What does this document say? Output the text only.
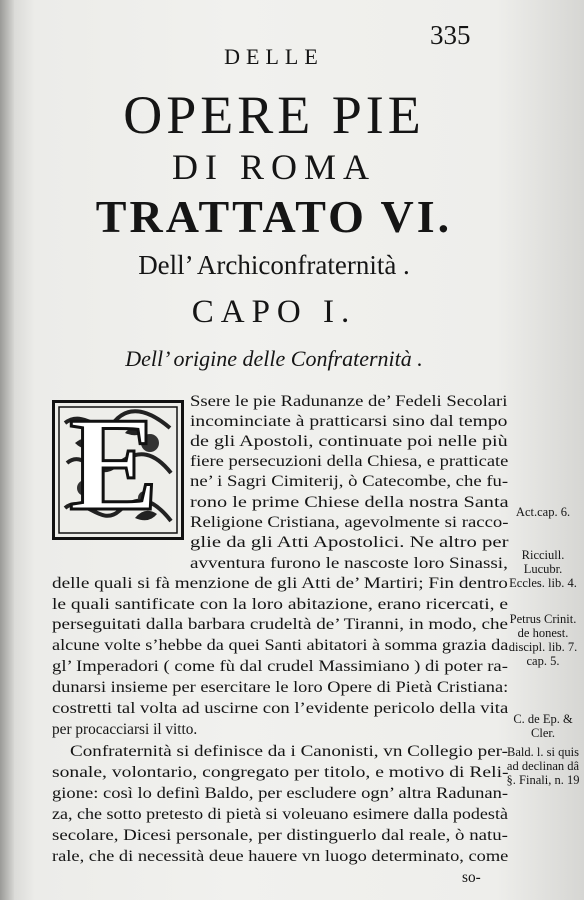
335
DELLE
OPERE PIE
DI ROMA
TRATTATO VI.
Dell’ Archiconfraternità .
CAPO I.
Dell’ origine delle Confraternità .
E Ssere le pie Radunanze de’ Fedeli Secolari
incominciate à pratticarsi sino dal tempo
de gli Apostoli, continuate poi nelle più
fiere persecuzioni della Chiesa, e pratticate
ne’ i Sagri Cimiterij, ò Catecombe, che fu-
rono le prime Chiese della nostra Santa
Religione Cristiana, agevolmente si racco-
glie da gli Atti Apostolici. Ne altro per
avventura furono le nascoste loro Sinassi,
delle quali si fà menzione de gli Atti de’ Martiri; Fin dentro
le quali santificate con la loro abitazione, erano ricercati, e
perseguitati dalla barbara crudeltà de’ Tiranni, in modo, che
alcune volte s’hebbe da quei Santi abitatori à somma grazia da
gl’ Imperadori ( come fù dal crudel Massimiano ) di poter ra-
dunarsi insieme per esercitare le loro Opere di Pietà Cristiana:
costretti tal volta ad uscirne con l’evidente pericolo della vita
per procacciarsi il vitto.
Confraternità si definisce da i Canonisti, vn Collegio per-
sonale, volontario, congregato per titolo, e motivo di Reli-
gione: così lo definì Baldo, per escludere ogn’ altra Radunan-
za, che sotto pretesto di pietà si voleuano esimere dalla podestà
secolare, Dicesi personale, per distinguerlo dal reale, ò natu-
rale, che di necessità deue hauere vn luogo determinato, come
so-
Act.cap. 6.
Ricciull. Lucubr. Eccles. lib. 4.
Petrus Crinit. de honest. discipl. lib. 7. cap. 5.
C. de Ep. & Cler.
Bald. l. si quis ad declinan dâ §. Finali, n. 19
